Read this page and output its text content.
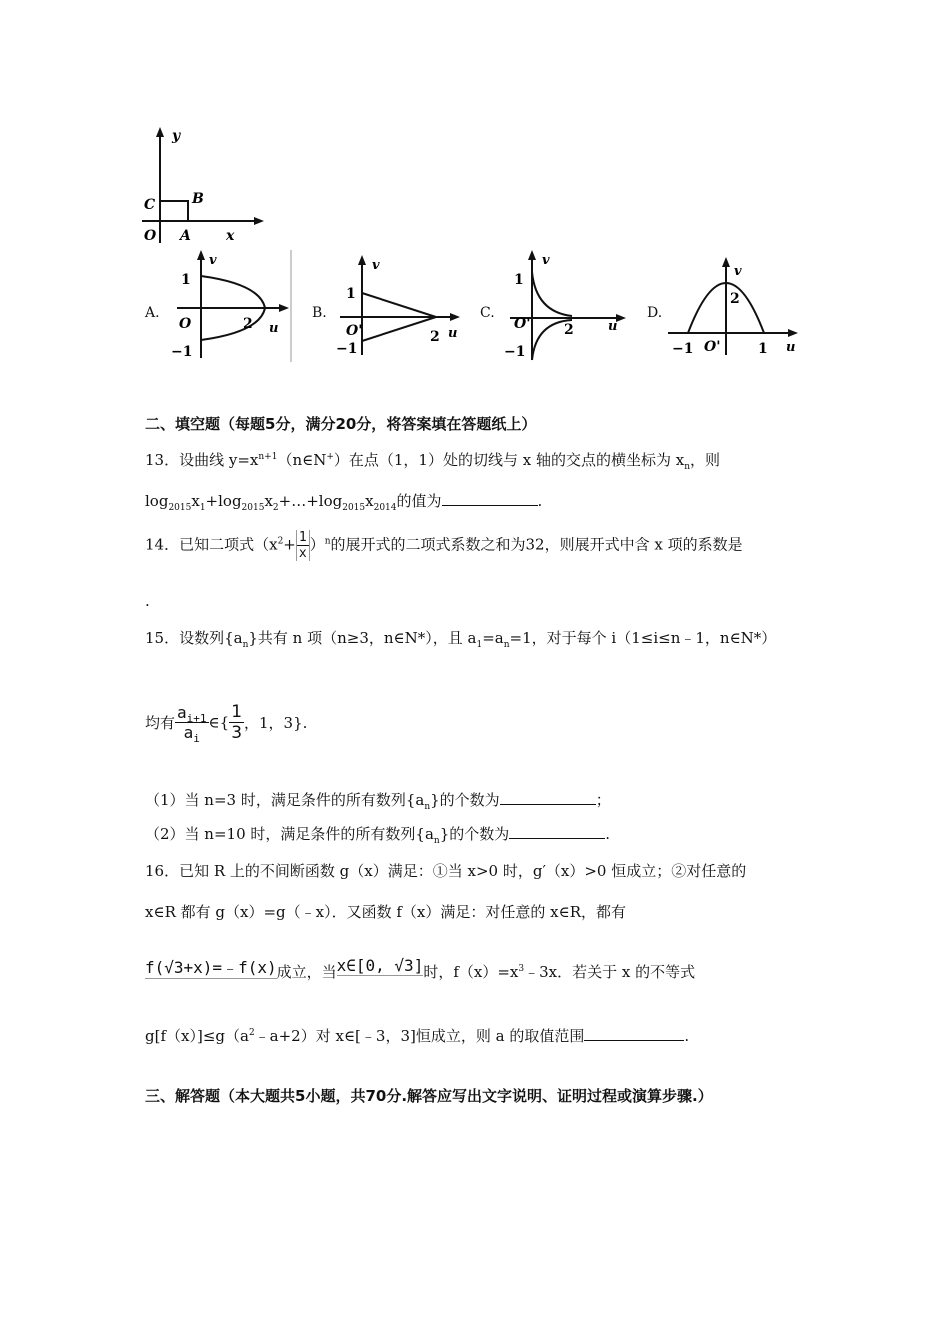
y
x
O A
B
C
A.	B.	C.	D.
v
u
O
1
2
−1
v
u
O'
1
2
−1
v
u
O'
1
2
−1
v
u
O'
2
−1	1
二、填空题（每题5分，满分20分，将答案填在答题纸上）
13．设曲线 $y=x^{n+1}(n\in N^+)$在点（1，1）处的切线与 x 轴的交点的横坐标为 $x_n$，则
$\log_{2015}x_1+\log_{2015}x_2+\dots+\log_{2015}x_{2014}$的值为	.
14．已知二项式$(x^2+ \frac{1}{x} )^n$的展开式的二项式系数之和为32，则展开式中含 x 项的系数是
.
15．设数列$\{a_n\}$共有 n 项（n≥3，n∈N*），且 $a_1=a_n=1$，对于每个 i（1≤i≤n﹣1，n∈N*）
均有 $\frac{a_{i+1}}{a_i}$ ∈{ $\frac{1}{3}$ ，1，3}.
（1）当 n=3 时，满足条件的所有数列$\{a_n\}$的个数为	；
（2）当 n=10 时，满足条件的所有数列$\{a_n\}$的个数为	.
16．已知 R 上的不间断函数 g（x）满足：①当 x>0 时，g′（x）>0 恒成立；②对任意的
x∈R 都有 g（x）=g（﹣x）．又函数 f（x）满足：对任意的 x∈R，都有
f(√3+x)=﹣f(x)成立，当x∈[0, √3]时，$f(x)=x^3﹣3x$．若关于 x 的不等式
$g[f(x)]\le g(a^2﹣a+2)$对 x∈[﹣3，3]恒成立，则 a 的取值范围	.
三、解答题（本大题共5小题，共70分.解答应写出文字说明、证明过程或演算步骤.）
